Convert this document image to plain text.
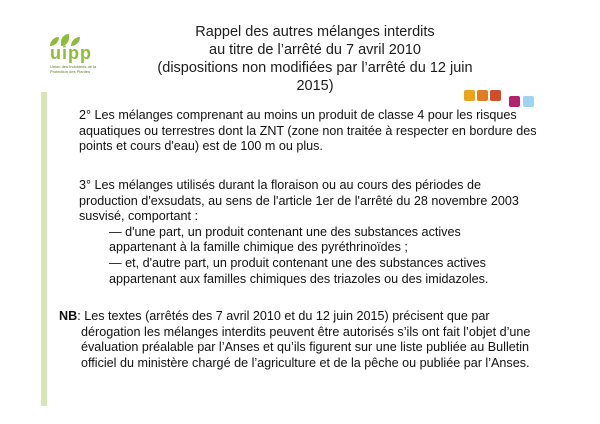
uipp
Union des Industries de la Protection des Plantes
Rappel des autres mélanges interdits
au titre de l’arrêté du 7 avril 2010
(dispositions non modifiées par l’arrêté du 12 juin 2015)
2° Les mélanges comprenant au moins un produit de classe 4 pour les risques
aquatiques ou terrestres dont la ZNT (zone non traitée à respecter en bordure des
points et cours d'eau) est de 100 m ou plus.
3° Les mélanges utilisés durant la floraison ou au cours des périodes de
production d'exsudats, au sens de l'article 1er de l'arrêté du 28 novembre 2003
susvisé, comportant :
— d'une part, un produit contenant une des substances actives
appartenant à la famille chimique des pyréthrinoïdes ;
— et, d'autre part, un produit contenant une des substances actives
appartenant aux familles chimiques des triazoles ou des imidazoles.
NB: Les textes (arrêtés des 7 avril 2010 et du 12 juin 2015) précisent que par
dérogation les mélanges interdits peuvent être autorisés s’ils ont fait l’objet d’une
évaluation préalable par l’Anses et qu’ils figurent sur une liste publiée au Bulletin
officiel du ministère chargé de l’agriculture et de la pêche ou publiée par l’Anses.
